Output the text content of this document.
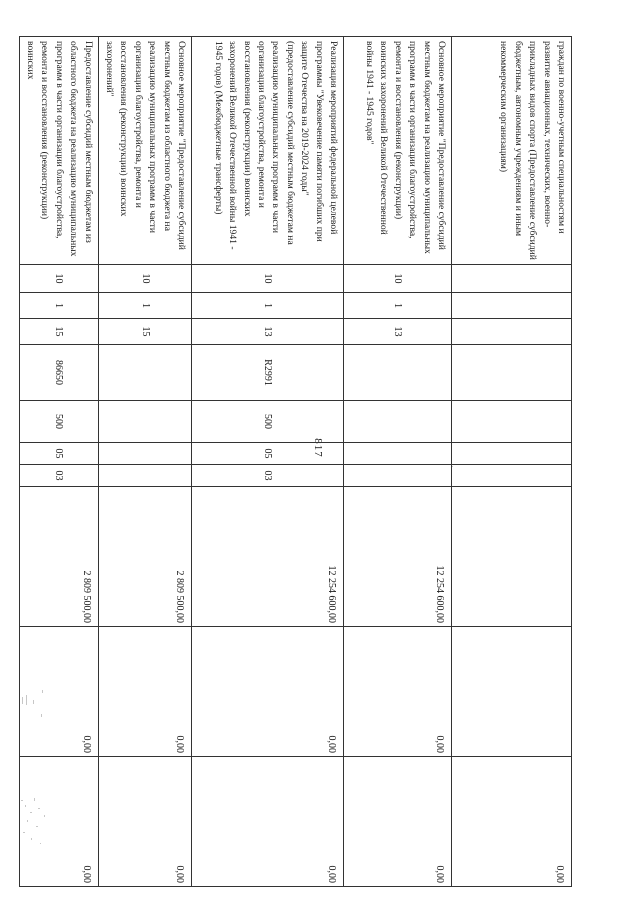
817
граждан по военно-учетным специальностям и развитие авиационных, технических, военно-прикладных видов спорта (Предоставление субсидий бюджетным, автономным учреждениям и иным некоммерческим организациям)										0,00
Основное мероприятие "Предоставление субсидий местным бюджетам на реализацию муниципальных программ в части организации благоустройства, ремонта и восстановления (реконструкции) воинских захоронений Великой Отечественной войны 1941 - 1945 годов"	10	1	13					12 254 600,00	0,00	0,00
Реализация мероприятий федеральной целевой программы "Увековечение памяти погибших при защите Отечества на 2019-2024 годы" (предоставление субсидий местным бюджетам на реализацию муниципальных программ в части организации благоустройства, ремонта и восстановления (реконструкции) воинских захоронений Великой Отечественной войны 1941 - 1945 годов) (Межбюджетные трансферты)	10	1	13	R2991	500	05	03	12 254 600,00	0,00	0,00
Основное мероприятие "Предоставление субсидий местным бюджетам из областного бюджета на реализацию муниципальных программ в части организации благоустройства, ремонта и восстановления (реконструкции) воинских захоронений"	10	1	15					2 809 500,00	0,00	0,00
Предоставление субсидий местным бюджетам из областного бюджета на реализацию муниципальных программ в части организации благоустройства, ремонта и восстановления (реконструкции) воинских	10	1	15	86650	500	05	03	2 809 500,00	0,00	0,00
